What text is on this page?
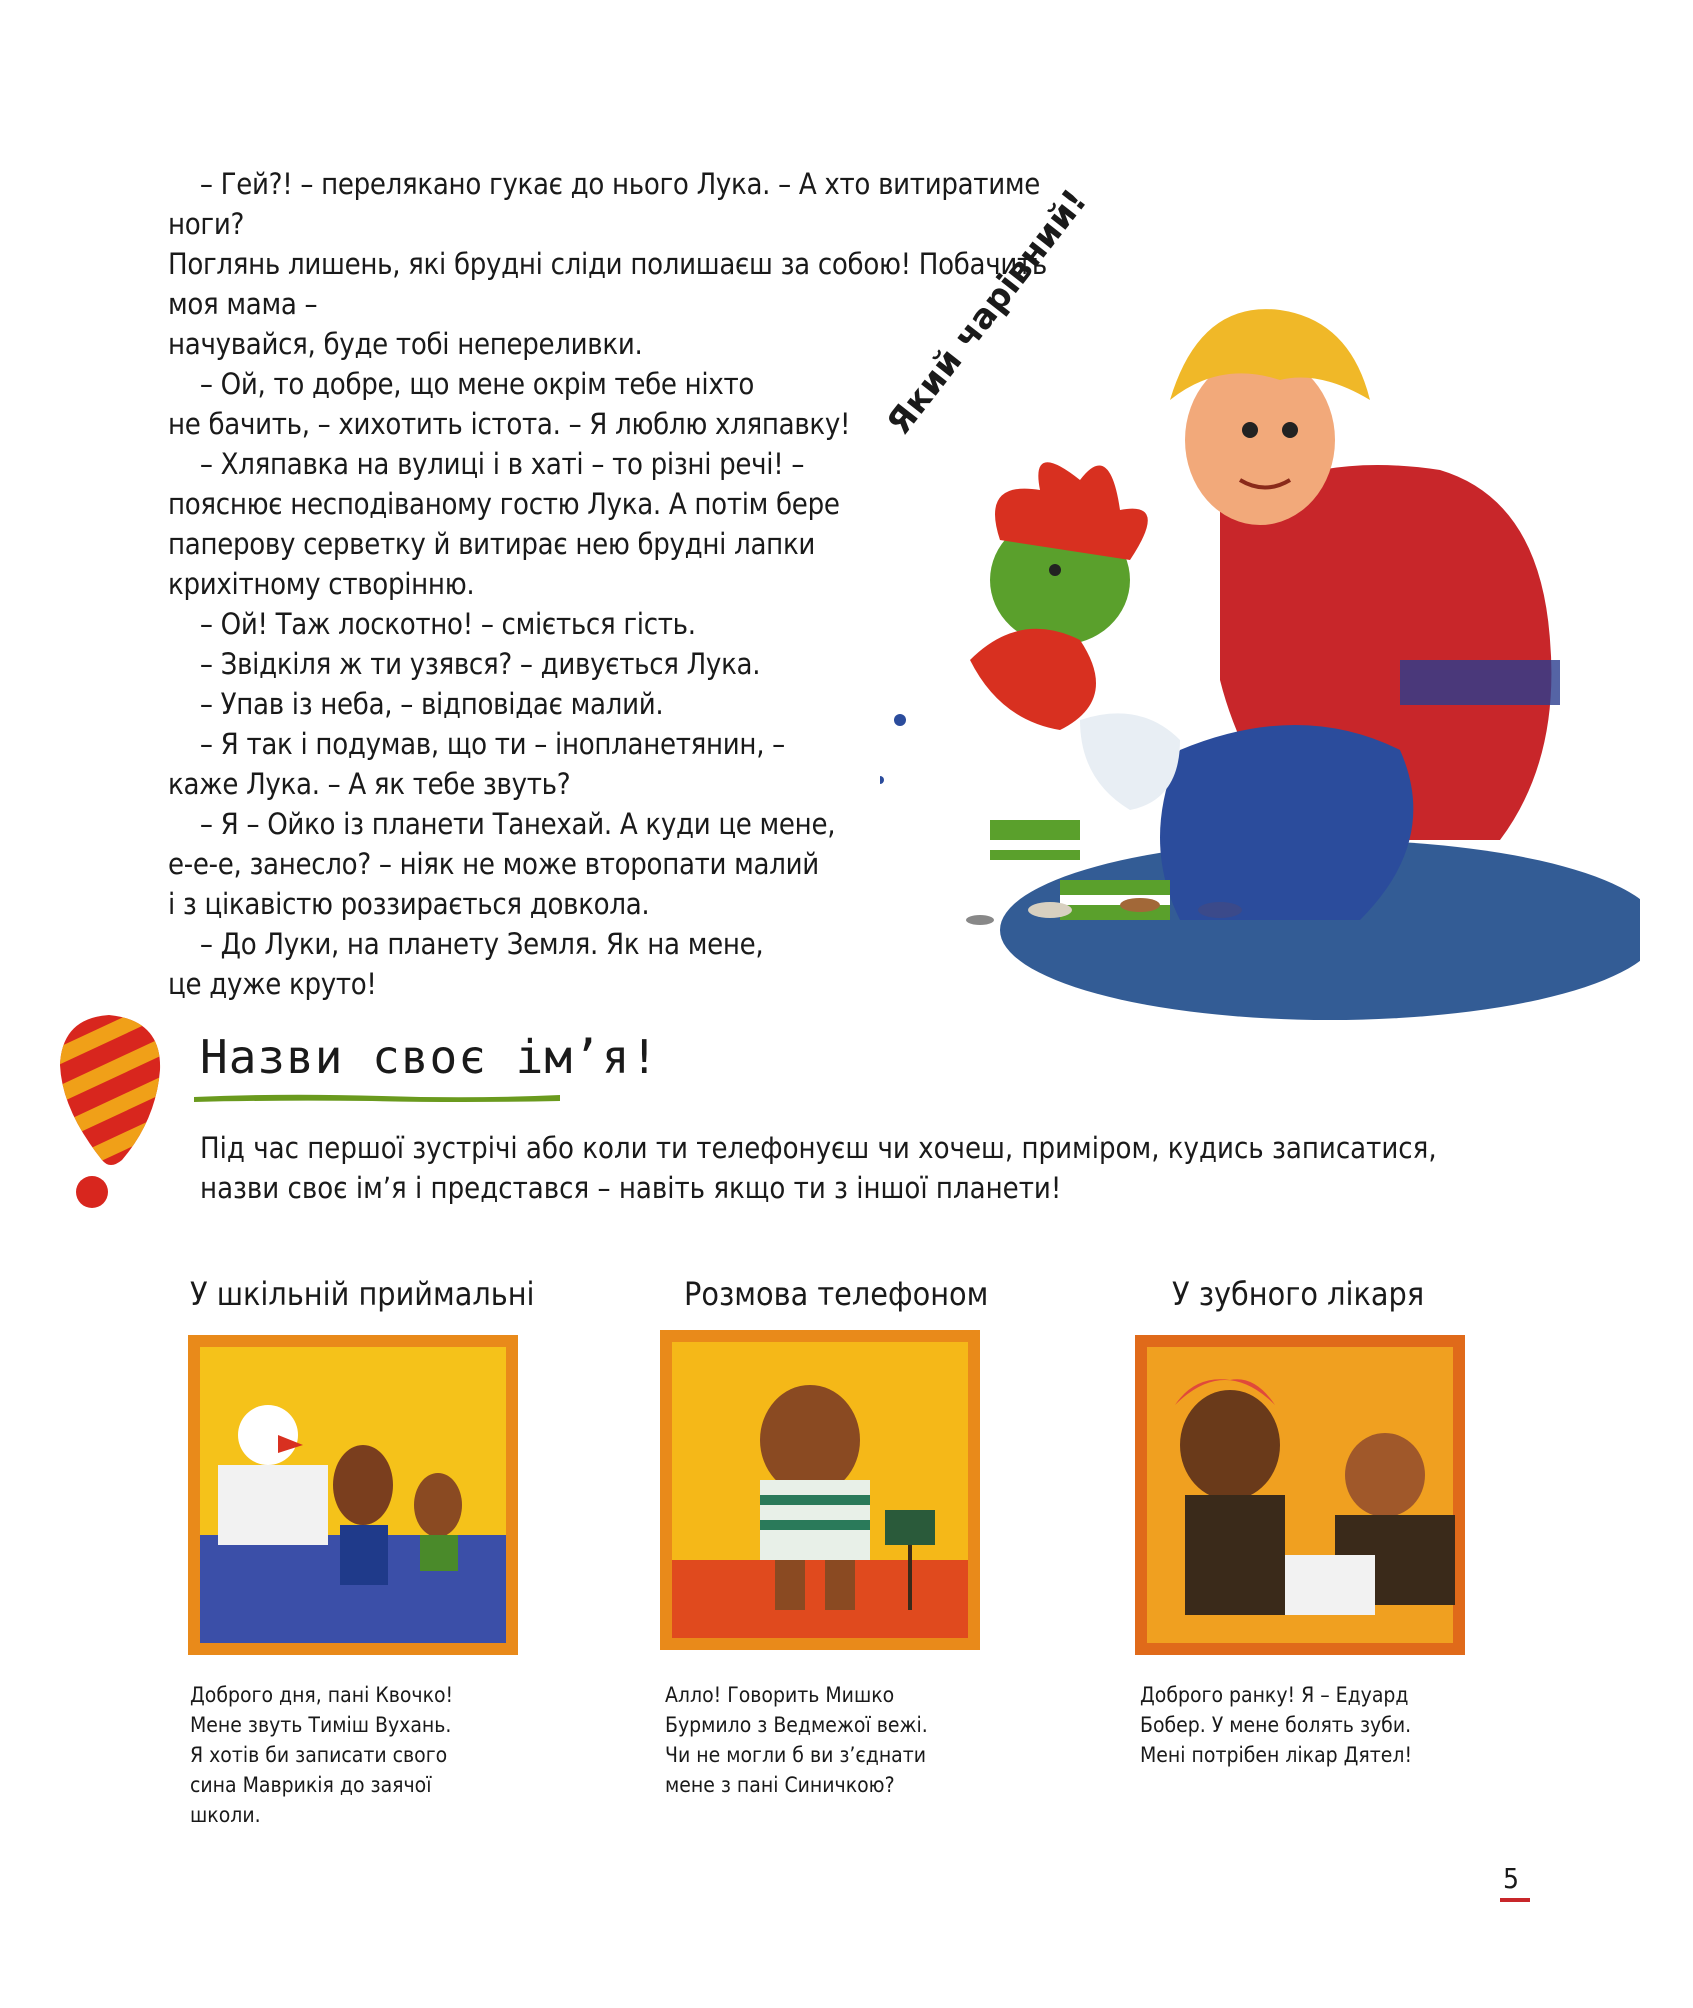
– Гей?! – перелякано гукає до нього Лука. – А хто витиратиме ноги?

Поглянь лишень, які брудні сліди полишаєш за собою! Побачить моя мама –

начувайся, буде тобі непереливки.

– Ой, то добре, що мене окрім тебе ніхто

не бачить, – хихотить істота. – Я люблю хляпавку!

– Хляпавка на вулиці і в хаті – то різні речі! –

пояснює несподіваному гостю Лука. А потім бере

паперову серветку й витирає нею брудні лапки

крихітному створінню.

– Ой! Таж лоскотно! – сміється гість.

– Звідкіля ж ти узявся? – дивується Лука.

– Упав із неба, – відповідає малий.

– Я так і подумав, що ти – інопланетянин, –

каже Лука. – А як тебе звуть?

– Я – Ойко із планети Танехай. А куди це мене,

е-е-е, занесло? – ніяк не може второпати малий

і з цікавістю роззирається довкола.

– До Луки, на планету Земля. Як на мене,

це дуже круто!

Який чарівний!
Назви своє ім’я!

Під час першої зустрічі або коли ти телефонуєш чи хочеш, приміром, кудись записатися,

назви своє ім’я і представся – навіть якщо ти з іншої планети!

У шкільній приймальні

Доброго дня, пані Квочко!

Мене звуть Тиміш Вухань.

Я хотів би записати свого

сина Маврикія до заячої

школи.

Розмова телефоном

Алло! Говорить Мишко

Бурмило з Ведмежої вежі.

Чи не могли б ви з’єднати

мене з пані Синичкою?

У зубного лікаря

Доброго ранку! Я – Едуард

Бобер. У мене болять зуби.

Мені потрібен лікар Дятел!

5
